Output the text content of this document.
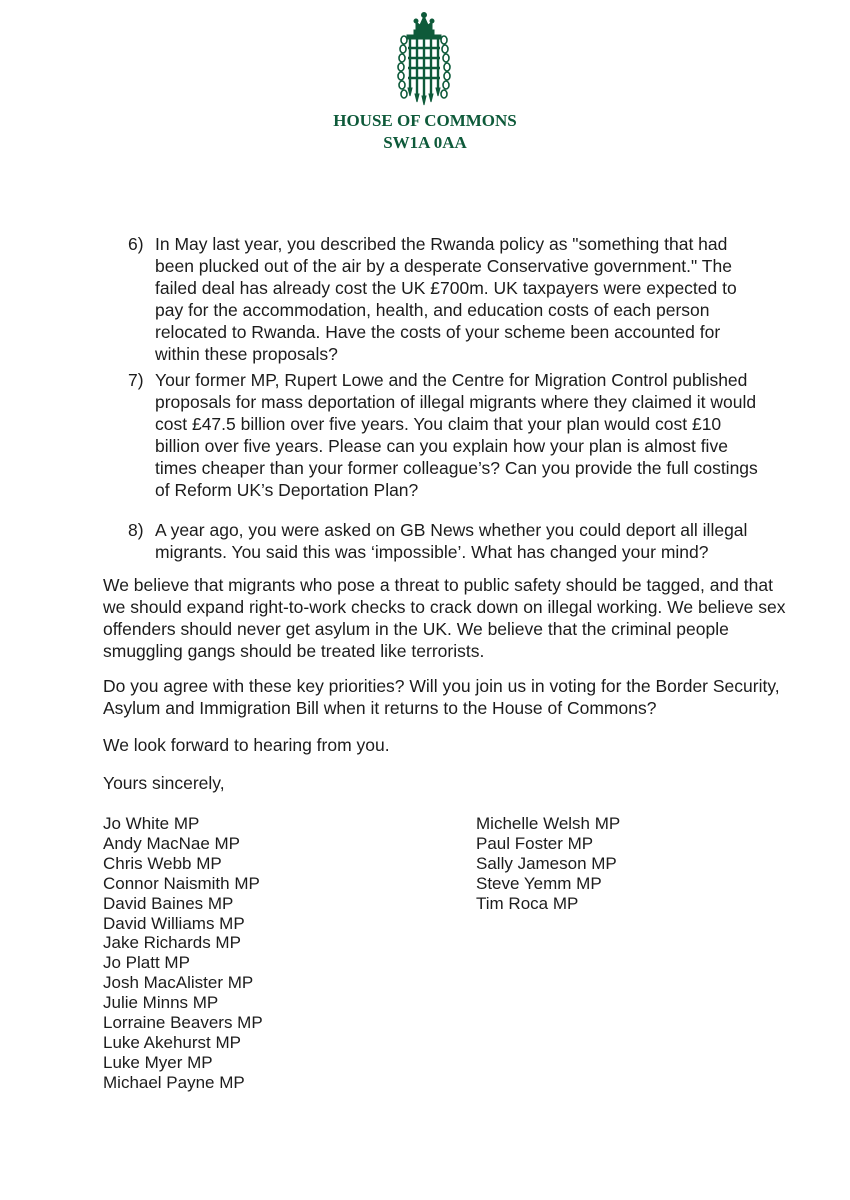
HOUSE OF COMMONS
SW1A 0AA
6) In May last year, you described the Rwanda policy as "something that had been plucked out of the air by a desperate Conservative government." The failed deal has already cost the UK £700m. UK taxpayers were expected to pay for the accommodation, health, and education costs of each person relocated to Rwanda. Have the costs of your scheme been accounted for within these proposals?
7) Your former MP, Rupert Lowe and the Centre for Migration Control published proposals for mass deportation of illegal migrants where they claimed it would cost £47.5 billion over five years. You claim that your plan would cost £10 billion over five years. Please can you explain how your plan is almost five times cheaper than your former colleague’s? Can you provide the full costings of Reform UK’s Deportation Plan?
8) A year ago, you were asked on GB News whether you could deport all illegal migrants. You said this was ‘impossible’. What has changed your mind?
We believe that migrants who pose a threat to public safety should be tagged, and that we should expand right-to-work checks to crack down on illegal working. We believe sex offenders should never get asylum in the UK. We believe that the criminal people smuggling gangs should be treated like terrorists.
Do you agree with these key priorities? Will you join us in voting for the Border Security, Asylum and Immigration Bill when it returns to the House of Commons?
We look forward to hearing from you.
Yours sincerely,
Jo White MP
Andy MacNae MP
Chris Webb MP
Connor Naismith MP
David Baines MP
David Williams MP
Jake Richards MP
Jo Platt MP
Josh MacAlister MP
Julie Minns MP
Lorraine Beavers MP
Luke Akehurst MP
Luke Myer MP
Michael Payne MP
Michelle Welsh MP
Paul Foster MP
Sally Jameson MP
Steve Yemm MP
Tim Roca MP
